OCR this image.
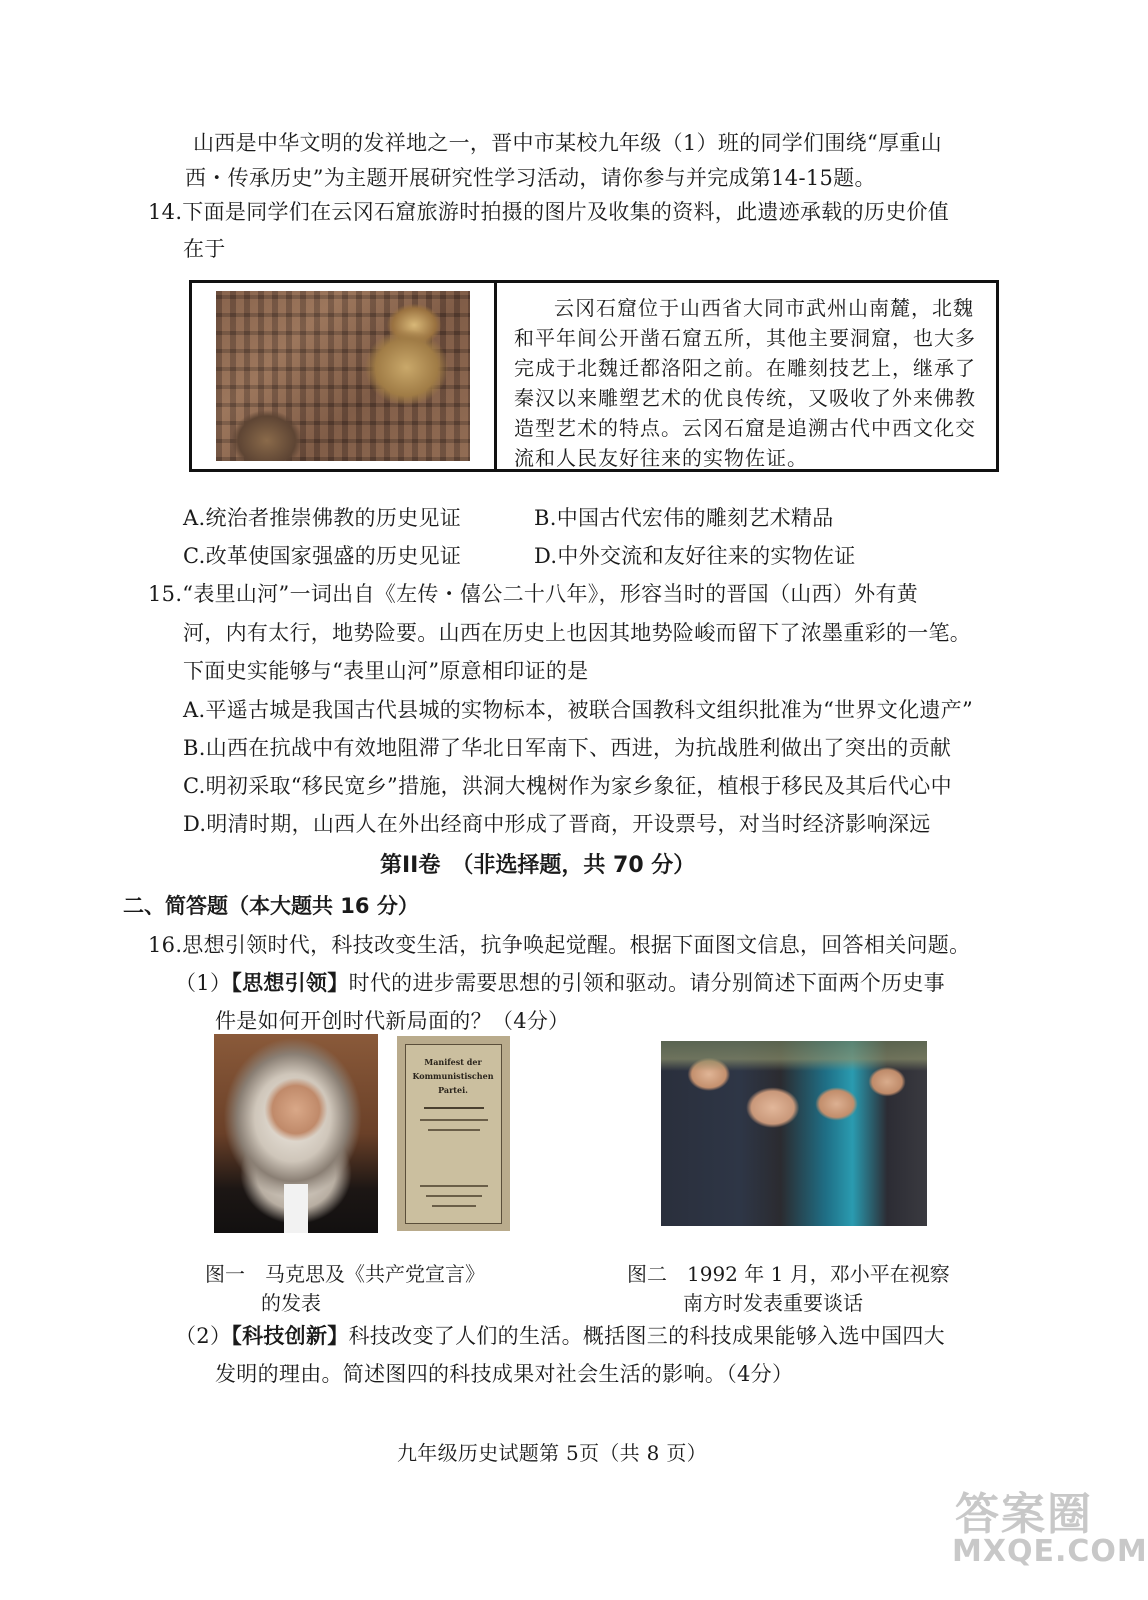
山西是中华文明的发祥地之一，晋中市某校九年级（1）班的同学们围绕“厚重山
西・传承历史”为主题开展研究性学习活动，请你参与并完成第14-15题。
14.下面是同学们在云冈石窟旅游时拍摄的图片及收集的资料，此遗迹承载的历史价值
在于
云冈石窟位于山西省大同市武州山南麓，北魏和平年间公开凿石窟五所，其他主要洞窟，也大多完成于北魏迁都洛阳之前。在雕刻技艺上，继承了秦汉以来雕塑艺术的优良传统，又吸收了外来佛教造型艺术的特点。云冈石窟是追溯古代中西文化交流和人民友好往来的实物佐证。
A.统治者推崇佛教的历史见证	B.中国古代宏伟的雕刻艺术精品
C.改革使国家强盛的历史见证	D.中外交流和友好往来的实物佐证
15.“表里山河”一词出自《左传・僖公二十八年》，形容当时的晋国（山西）外有黄
河，内有太行，地势险要。山西在历史上也因其地势险峻而留下了浓墨重彩的一笔。
下面史实能够与“表里山河”原意相印证的是
A.平遥古城是我国古代县城的实物标本，被联合国教科文组织批准为“世界文化遗产”
B.山西在抗战中有效地阻滞了华北日军南下、西进，为抗战胜利做出了突出的贡献
C.明初采取“移民宽乡”措施，洪洞大槐树作为家乡象征，植根于移民及其后代心中
D.明清时期，山西人在外出经商中形成了晋商，开设票号，对当时经济影响深远
第II卷　（非选择题，共 70 分）
二、简答题（本大题共 16 分）
16.思想引领时代，科技改变生活，抗争唤起觉醒。根据下面图文信息，回答相关问题。
（1）【思想引领】时代的进步需要思想的引领和驱动。请分别简述下面两个历史事
件是如何开创时代新局面的？（4分）
Manifest der Kommunistischen Partei.
图一　马克思及《共产党宣言》
的发表
图二　1992 年 1 月，邓小平在视察
南方时发表重要谈话
（2）【科技创新】科技改变了人们的生活。概括图三的科技成果能够入选中国四大
发明的理由。简述图四的科技成果对社会生活的影响。（4分）
九年级历史试题第 5页（共 8 页）
答案圈
MXQE.COM
